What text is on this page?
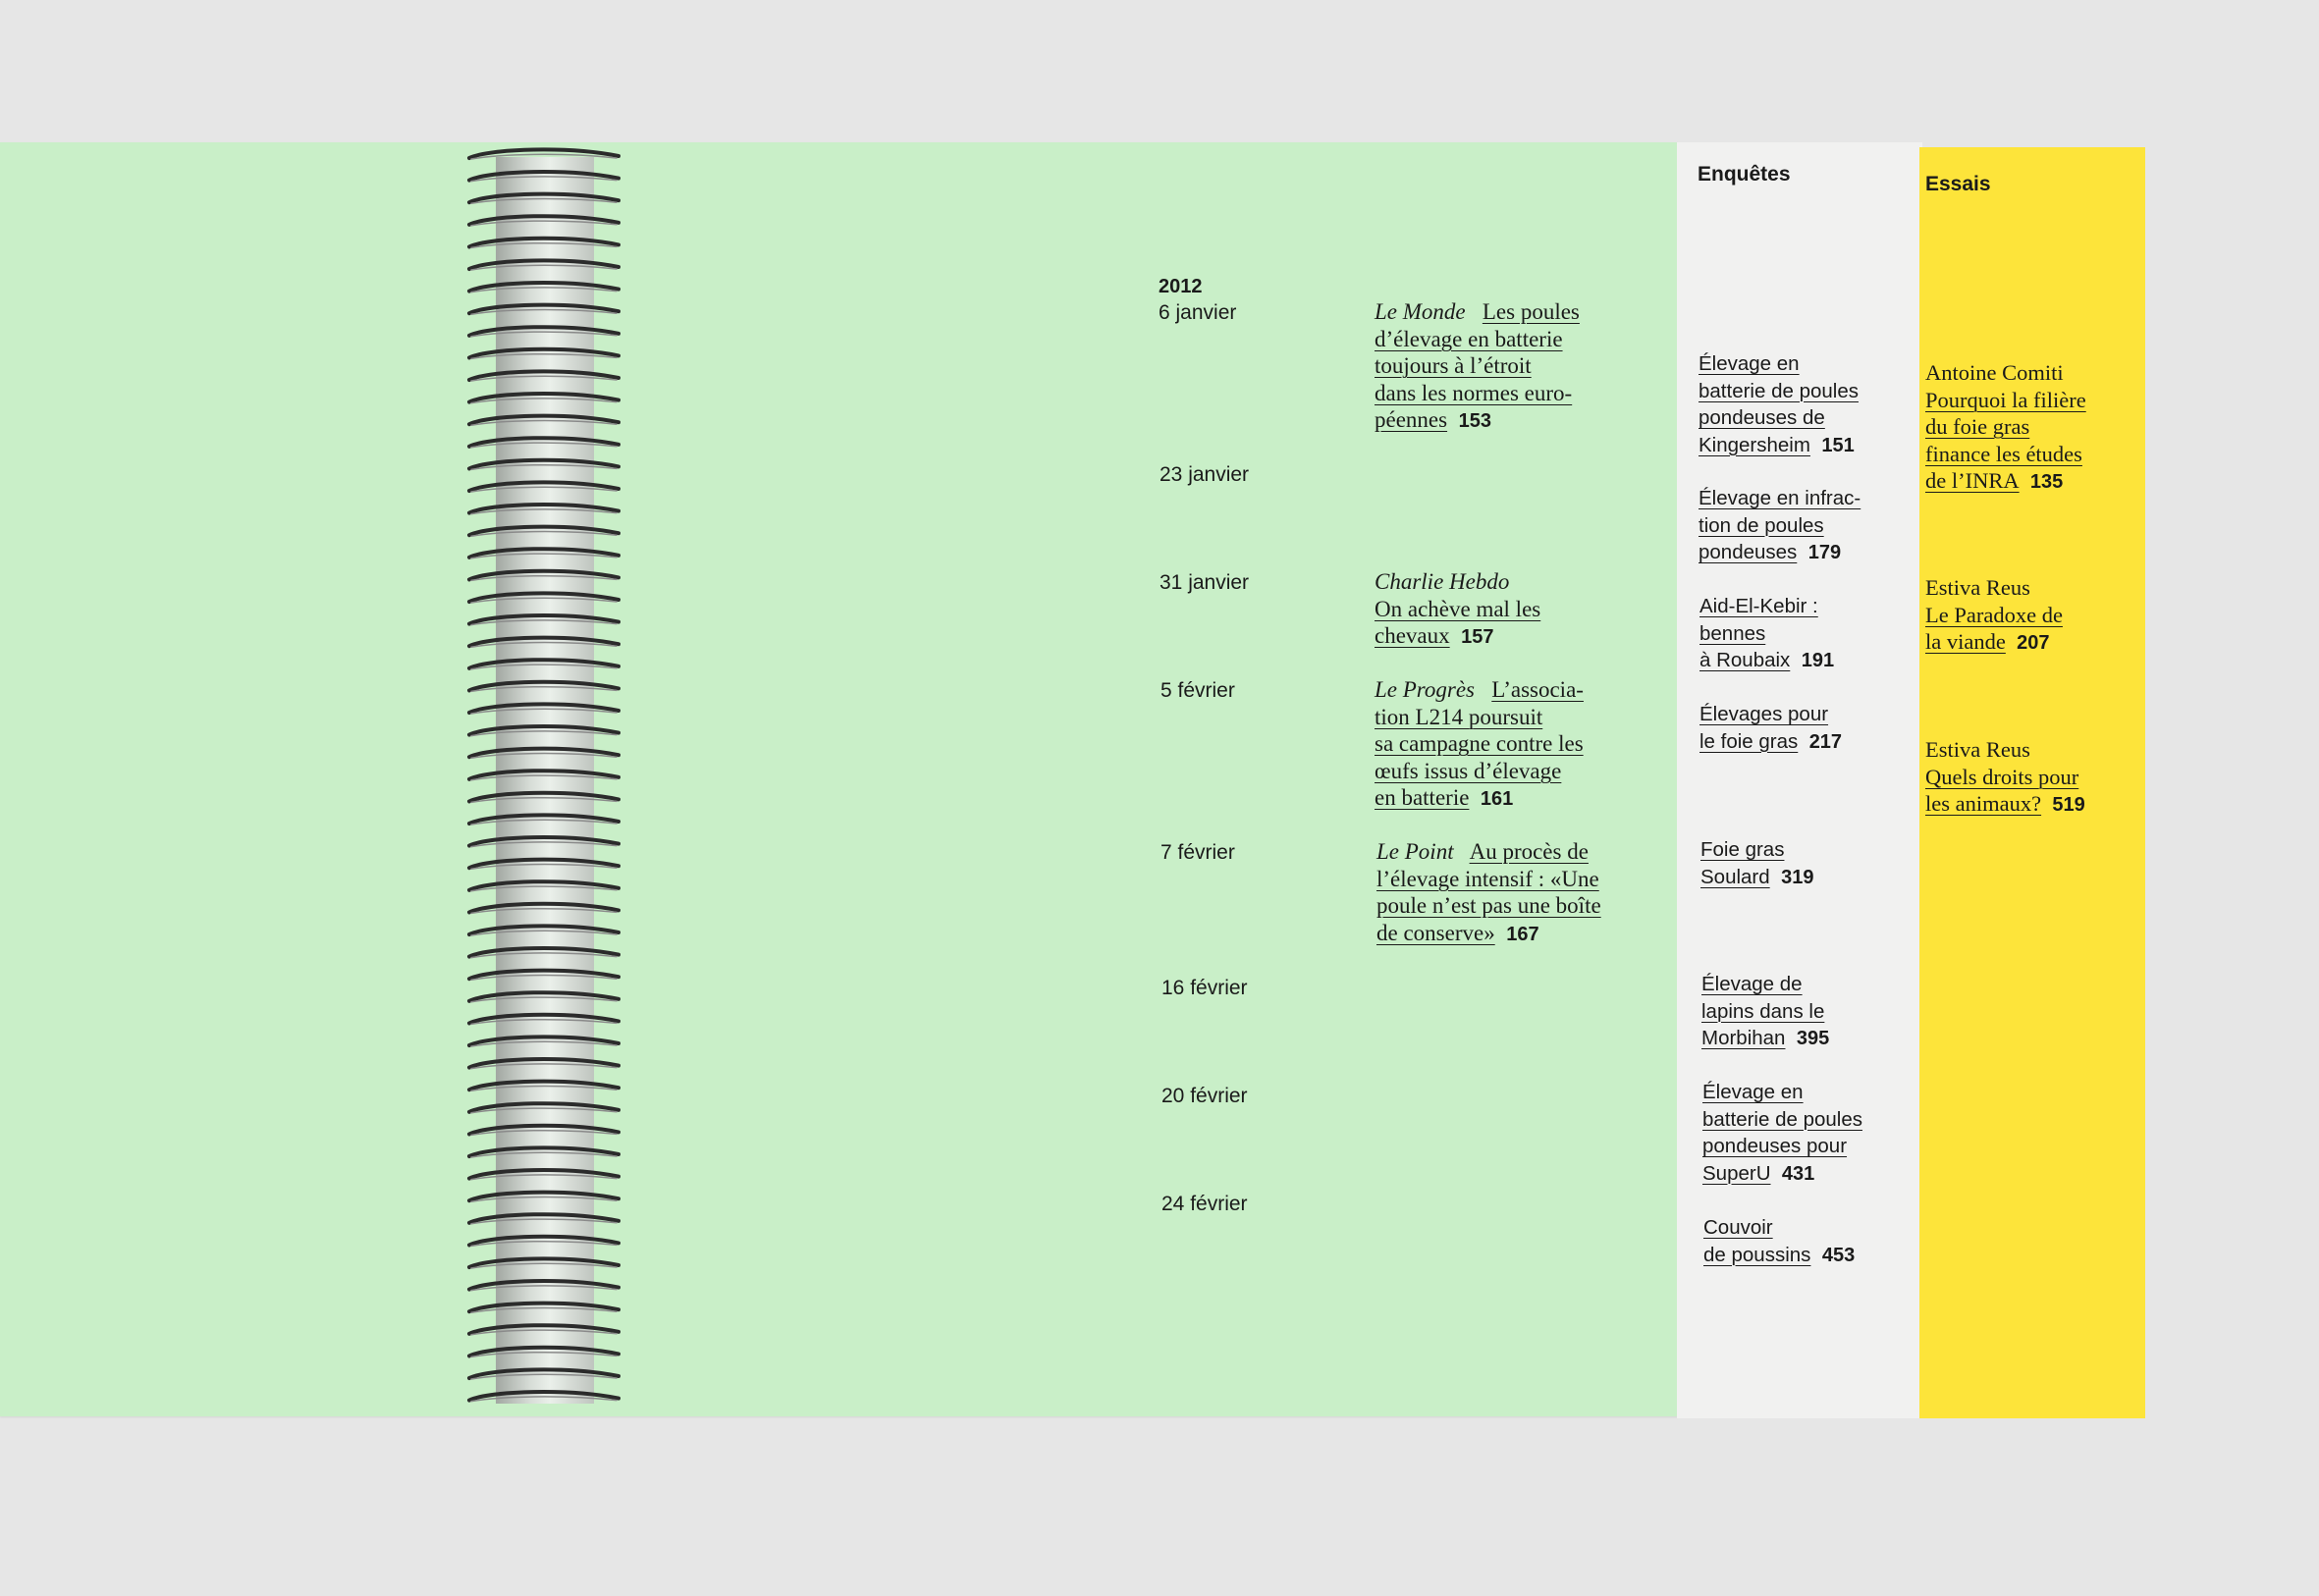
Enquêtes	Essais
2012
6 janvier
23 janvier
31 janvier
5 février
7 février
16 février
20 février
24 février
Le Monde Les poules
d’élevage en batterie
toujours à l’étroit
dans les normes euro-
péennes 153
Charlie Hebdo
On achève mal les
chevaux 157
Le Progrès L’associa-
tion L214 poursuit
sa campagne contre les
œufs issus d’élevage
en batterie 161
Le Point Au procès de
l’élevage intensif : «Une
poule n’est pas une boîte
de conserve» 167
Élevage en
batterie de poules
pondeuses de
Kingersheim 151
Élevage en infrac-
tion de poules
pondeuses 179
Aid-El-Kebir :
bennes
à Roubaix 191
Élevages pour
le foie gras 217
Foie gras
Soulard 319
Élevage de
lapins dans le
Morbihan 395
Élevage en
batterie de poules
pondeuses pour
SuperU 431
Couvoir
de poussins 453
Antoine Comiti
Pourquoi la filière
du foie gras
finance les études
de l’INRA 135
Estiva Reus
Le Paradoxe de
la viande 207
Estiva Reus
Quels droits pour
les animaux? 519
